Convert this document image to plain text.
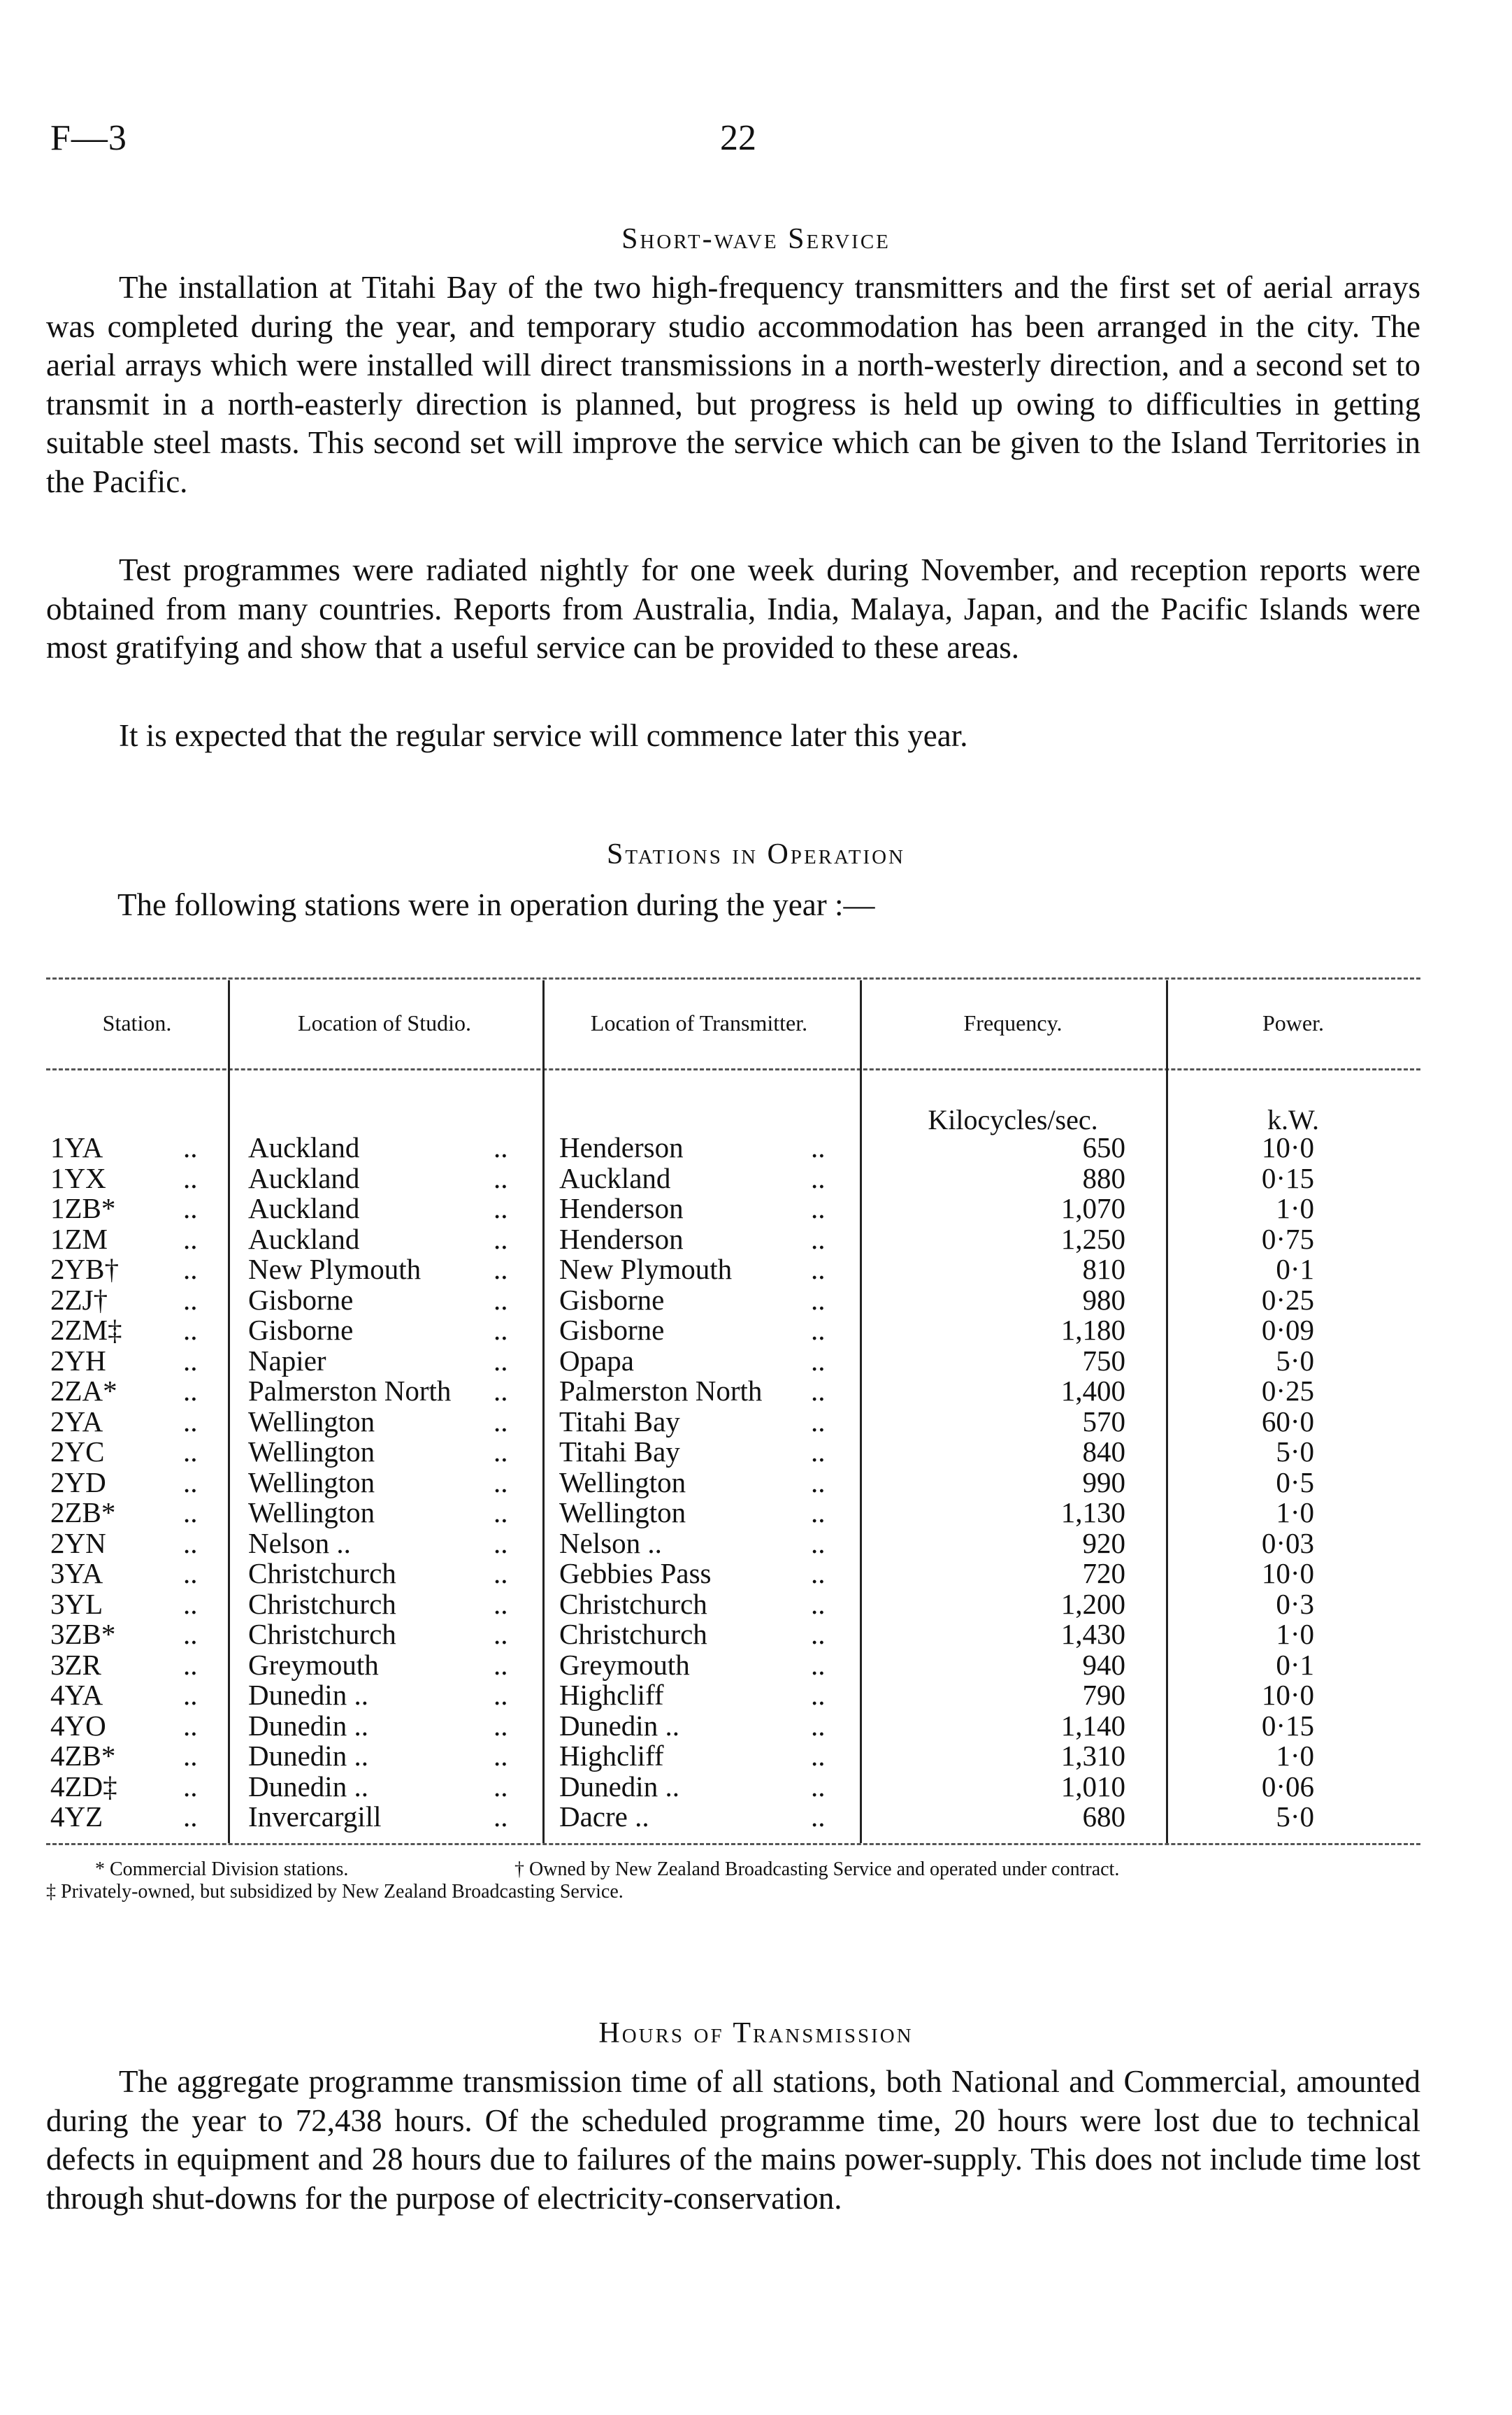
F—3	22
Short-wave Service
The installation at Titahi Bay of the two high-frequency transmitters and the first set of aerial arrays was completed during the year, and temporary studio accommodation has been arranged in the city. The aerial arrays which were installed will direct transmissions in a north-westerly direction, and a second set to transmit in a north-easterly direction is planned, but progress is held up owing to difficulties in getting suitable steel masts. This second set will improve the service which can be given to the Island Territories in the Pacific.
Test programmes were radiated nightly for one week during November, and reception reports were obtained from many countries. Reports from Australia, India, Malaya, Japan, and the Pacific Islands were most gratifying and show that a useful service can be provided to these areas.
It is expected that the regular service will commence later this year.
Stations in Operation
The following stations were in operation during the year :—
Station.	Location of Studio.	Location of Transmitter.	Frequency.	Power.
Kilocycles/sec.	k.W.
1YA	.. Auckland	.. Henderson	..	650	10·0
1YX	.. Auckland	.. Auckland	..	880	0·15
1ZB* .. Auckland	.. Henderson	..	1,070	1·0
1ZM	.. Auckland	.. Henderson	..	1,250	0·75
2YB† .. New Plymouth	.. New Plymouth	..	810	0·1
2ZJ†	.. Gisborne	.. Gisborne	..	980	0·25
2ZM‡ .. Gisborne	.. Gisborne	..	1,180	0·09
2YH	.. Napier	.. Opapa	..	750	5·0
2ZA* .. Palmerston North .. Palmerston North ..	1,400	0·25
2YA	.. Wellington	.. Titahi Bay	..	570	60·0
2YC	.. Wellington	.. Titahi Bay	..	840	5·0
2YD	.. Wellington	.. Wellington	..	990	0·5
2ZB* .. Wellington	.. Wellington	..	1,130	1·0
2YN	.. Nelson ..	.. Nelson ..	..	920	0·03
3YA	.. Christchurch	.. Gebbies Pass	..	720	10·0
3YL	.. Christchurch	.. Christchurch	..	1,200	0·3
3ZB* .. Christchurch	.. Christchurch	..	1,430	1·0
3ZR	.. Greymouth	.. Greymouth	..	940	0·1
4YA	.. Dunedin ..	.. Highcliff	..	790	10·0
4YO	.. Dunedin ..	.. Dunedin ..	..	1,140	0·15
4ZB* .. Dunedin ..	.. Highcliff	..	1,310	1·0
4ZD‡ .. Dunedin ..	.. Dunedin ..	..	1,010	0·06
4YZ	.. Invercargill	.. Dacre ..	..	680	5·0
* Commercial Division stations.	† Owned by New Zealand Broadcasting Service and operated under contract.
‡ Privately-owned, but subsidized by New Zealand Broadcasting Service.
Hours of Transmission
The aggregate programme transmission time of all stations, both National and Commercial, amounted during the year to 72,438 hours. Of the scheduled programme time, 20 hours were lost due to technical defects in equipment and 28 hours due to failures of the mains power-supply. This does not include time lost through shut-downs for the purpose of electricity-conservation.
